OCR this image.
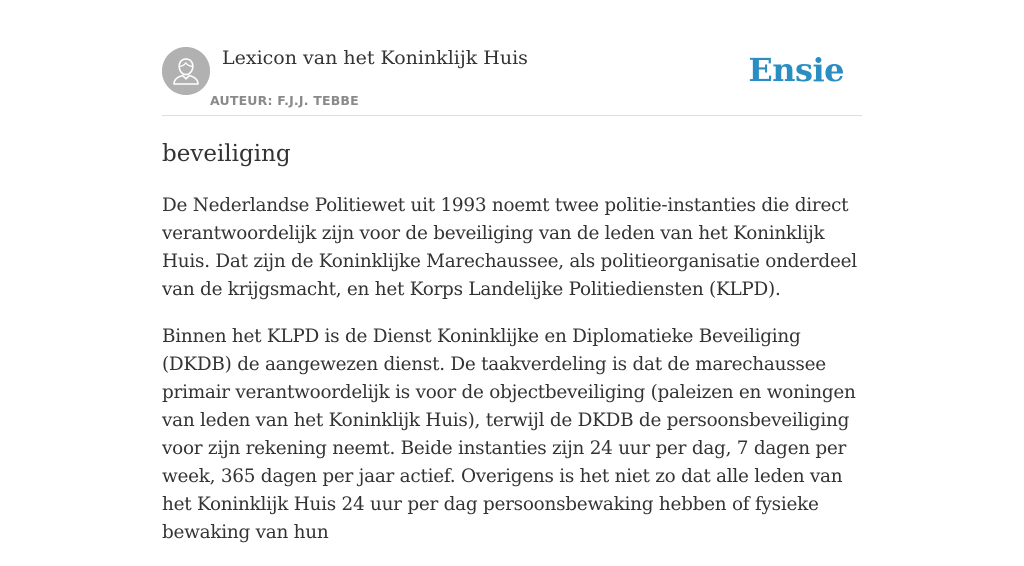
Lexicon van het Koninklijk Huis
AUTEUR: F.J.J. TEBBE
Ensie
beveiliging

De Nederlandse Politiewet uit 1993 noemt twee politie-instanties die direct verantwoordelijk zijn voor de beveiliging van de leden van het Koninklijk Huis. Dat zijn de Koninklijke Marechaussee, als politieorganisatie onderdeel van de krijgsmacht, en het Korps Landelijke Politiediensten (KLPD).

Binnen het KLPD is de Dienst Koninklijke en Diplomatieke Beveiliging (DKDB) de aangewezen dienst. De taakverdeling is dat de marechaussee primair verantwoordelijk is voor de objectbeveiliging (paleizen en woningen van leden van het Koninklijk Huis), terwijl de DKDB de persoonsbeveiliging voor zijn rekening neemt. Beide instanties zijn 24 uur per dag, 7 dagen per week, 365 dagen per jaar actief. Overigens is het niet zo dat alle leden van het Koninklijk Huis 24 uur per dag persoonsbewaking hebben of fysieke bewaking van hun
